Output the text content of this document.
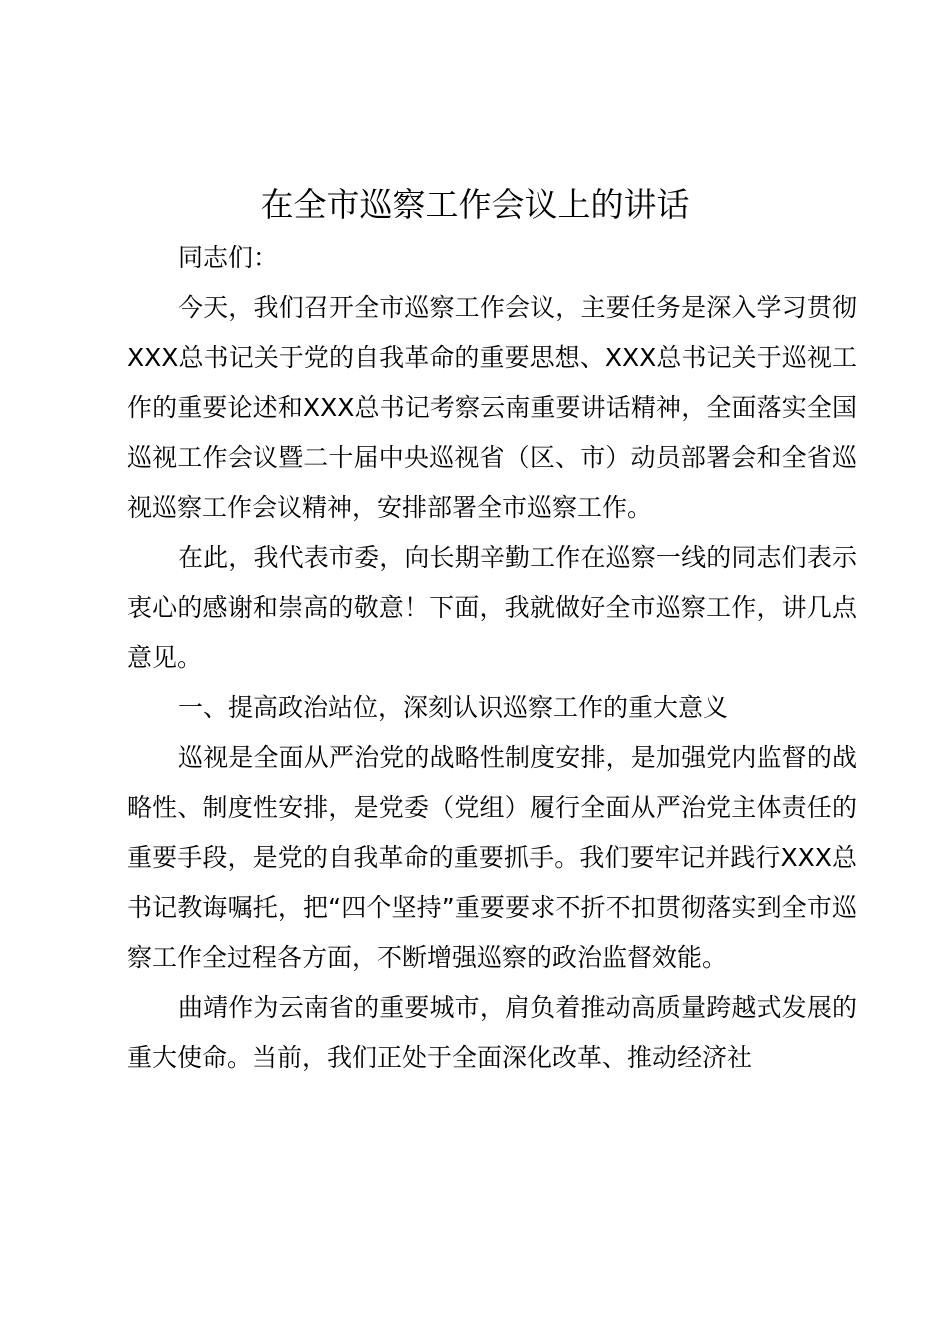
在全市巡察工作会议上的讲话

同志们：

今天，我们召开全市巡察工作会议，主要任务是深入学习贯彻XXX总书记关于党的自我革命的重要思想、XXX总书记关于巡视工作的重要论述和XXX总书记考察云南重要讲话精神，全面落实全国巡视工作会议暨二十届中央巡视省（区、市）动员部署会和全省巡视巡察工作会议精神，安排部署全市巡察工作。

在此，我代表市委，向长期辛勤工作在巡察一线的同志们表示衷心的感谢和崇高的敬意！下面，我就做好全市巡察工作，讲几点意见。

一、提高政治站位，深刻认识巡察工作的重大意义

巡视是全面从严治党的战略性制度安排，是加强党内监督的战略性、制度性安排，是党委（党组）履行全面从严治党主体责任的重要手段，是党的自我革命的重要抓手。我们要牢记并践行XXX总书记教诲嘱托，把“四个坚持”重要要求不折不扣贯彻落实到全市巡察工作全过程各方面，不断增强巡察的政治监督效能。

曲靖作为云南省的重要城市，肩负着推动高质量跨越式发展的重大使命。当前，我们正处于全面深化改革、推动经济社
